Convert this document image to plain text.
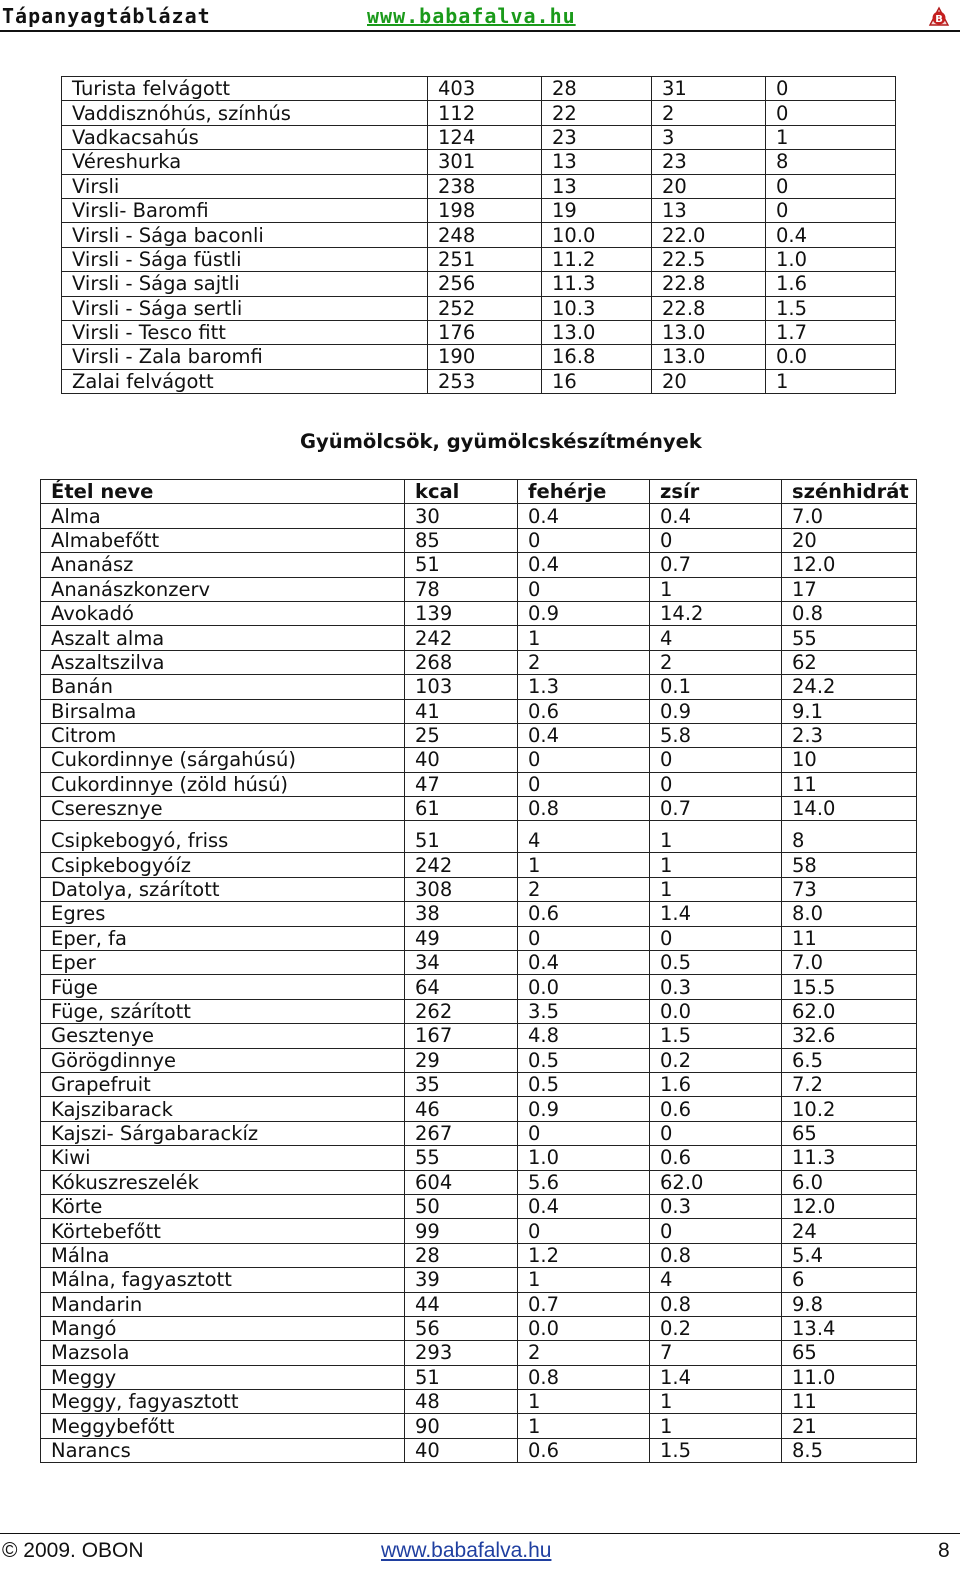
Tápanyagtáblázat	www.babafalva.hu	B
Turista felvágott	403	28	31	0
Vaddisznóhús, színhús	112	22	2	0
Vadkacsahús	124	23	3	1
Véreshurka	301	13	23	8
Virsli	238	13	20	0
Virsli- Baromfi	198	19	13	0
Virsli - Sága baconli	248	10.0	22.0	0.4
Virsli - Sága füstli	251	11.2	22.5	1.0
Virsli - Sága sajtli	256	11.3	22.8	1.6
Virsli - Sága sertli	252	10.3	22.8	1.5
Virsli - Tesco fitt	176	13.0	13.0	1.7
Virsli - Zala baromfi	190	16.8	13.0	0.0
Zalai felvágott	253	16	20	1
Gyümölcsök, gyümölcskészítmények
Étel neve	kcal	fehérje	zsír	szénhidrát
Alma	30	0.4	0.4	7.0
Almabefőtt	85	0	0	20
Ananász	51	0.4	0.7	12.0
Ananászkonzerv	78	0	1	17
Avokadó	139	0.9	14.2	0.8
Aszalt alma	242	1	4	55
Aszaltszilva	268	2	2	62
Banán	103	1.3	0.1	24.2
Birsalma	41	0.6	0.9	9.1
Citrom	25	0.4	5.8	2.3
Cukordinnye (sárgahúsú)	40	0	0	10
Cukordinnye (zöld húsú)	47	0	0	11
Cseresznye	61	0.8	0.7	14.0
Csipkebogyó, friss	51	4	1	8
Csipkebogyóíz	242	1	1	58
Datolya, szárított	308	2	1	73
Egres	38	0.6	1.4	8.0
Eper, fa	49	0	0	11
Eper	34	0.4	0.5	7.0
Füge	64	0.0	0.3	15.5
Füge, szárított	262	3.5	0.0	62.0
Gesztenye	167	4.8	1.5	32.6
Görögdinnye	29	0.5	0.2	6.5
Grapefruit	35	0.5	1.6	7.2
Kajszibarack	46	0.9	0.6	10.2
Kajszi- Sárgabarackíz	267	0	0	65
Kiwi	55	1.0	0.6	11.3
Kókuszreszelék	604	5.6	62.0	6.0
Körte	50	0.4	0.3	12.0
Körtebefőtt	99	0	0	24
Málna	28	1.2	0.8	5.4
Málna, fagyasztott	39	1	4	6
Mandarin	44	0.7	0.8	9.8
Mangó	56	0.0	0.2	13.4
Mazsola	293	2	7	65
Meggy	51	0.8	1.4	11.0
Meggy, fagyasztott	48	1	1	11
Meggybefőtt	90	1	1	21
Narancs	40	0.6	1.5	8.5
© 2009. OBON	www.babafalva.hu	8
